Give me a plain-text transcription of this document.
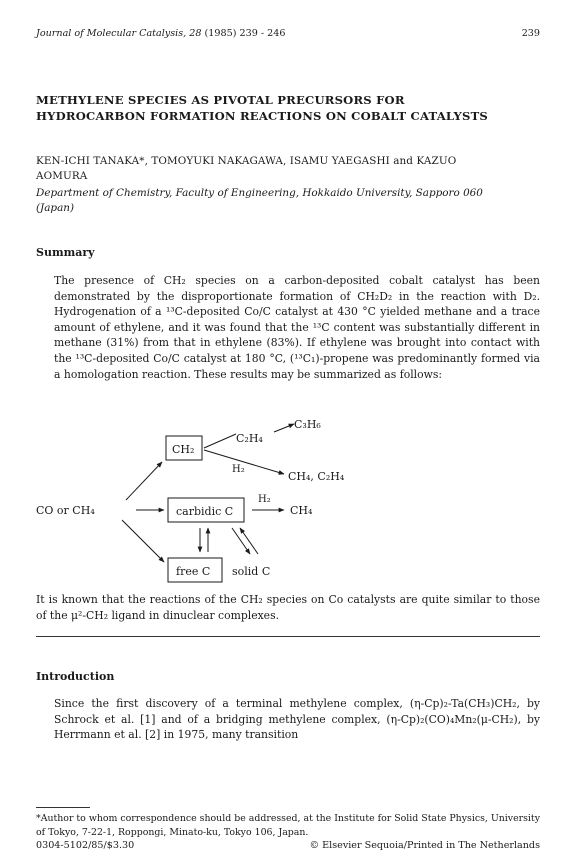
Journal of Molecular Catalysis, 28 (1985) 239 - 246	239
METHYLENE SPECIES AS PIVOTAL PRECURSORS FOR
HYDROCARBON FORMATION REACTIONS ON COBALT CATALYSTS
KEN-ICHI TANAKA*, TOMOYUKI NAKAGAWA, ISAMU YAEGASHI and KAZUO
AOMURA
Department of Chemistry, Faculty of Engineering, Hokkaido University, Sapporo 060
(Japan)
Summary
The presence of CH₂ species on a carbon-deposited cobalt catalyst has been demonstrated by the disproportionate formation of CH₂D₂ in the reaction with D₂. Hydrogenation of a ¹³C-deposited Co/C catalyst at 430 °C yielded methane and a trace amount of ethylene, and it was found that the ¹³C content was substantially different in methane (31%) from that in ethylene (83%). If ethylene was brought into contact with the ¹³C-deposited Co/C catalyst at 180 °C, (¹³C₁)-propene was predominantly formed via a homologation reaction. These results may be summarized as follows:
C₃H₆
C₂H₄
CH₂
H₂
CH₄, C₂H₄
CO or CH₄	carbidic C
H₂
CH₄
free C solid C
It is known that the reactions of the CH₂ species on Co catalysts are quite similar to those of the μ²-CH₂ ligand in dinuclear complexes.
Introduction
Since the first discovery of a terminal methylene complex, (η-Cp)₂-Ta(CH₃)CH₂, by Schrock et al. [1] and of a bridging methylene complex, (η-Cp)₂(CO)₄Mn₂(μ-CH₂), by Herrmann et al. [2] in 1975, many transition
*Author to whom correspondence should be addressed, at the Institute for Solid State Physics, University of Tokyo, 7-22-1, Roppongi, Minato-ku, Tokyo 106, Japan.
0304-5102/85/$3.30	© Elsevier Sequoia/Printed in The Netherlands
